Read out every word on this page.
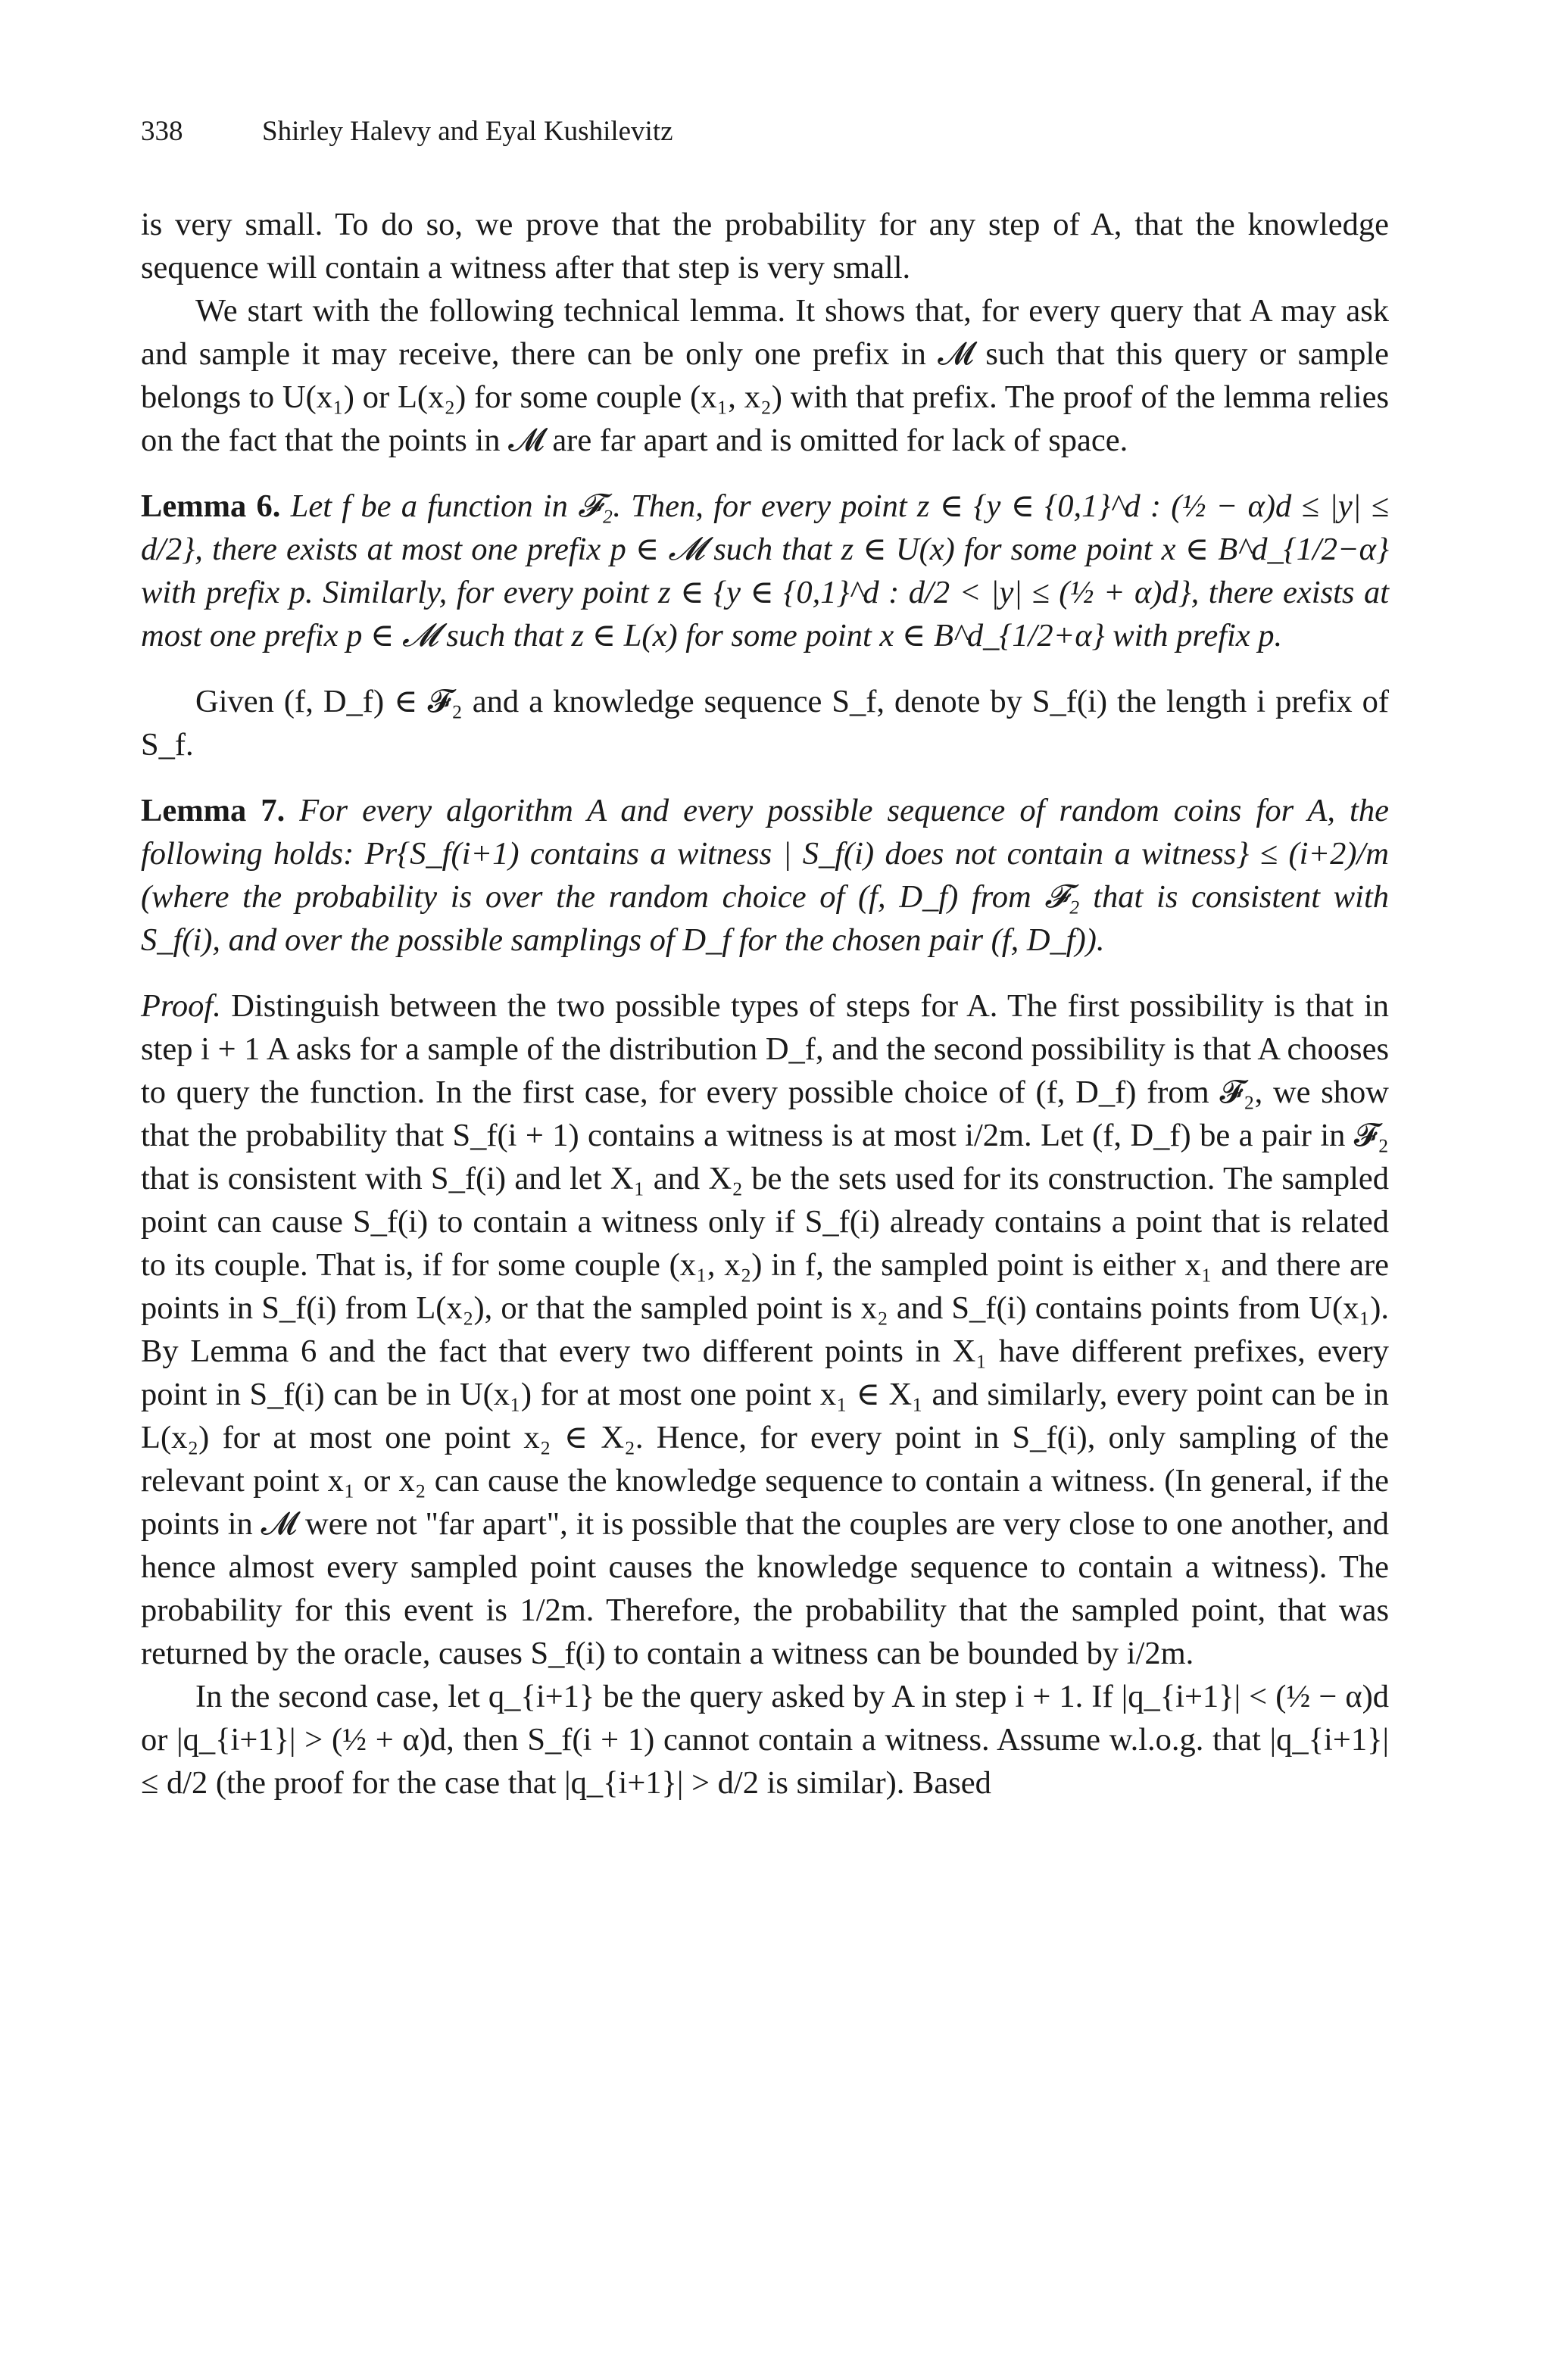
338	Shirley Halevy and Eyal Kushilevitz

is very small. To do so, we prove that the probability for any step of A, that the knowledge sequence will contain a witness after that step is very small.

We start with the following technical lemma. It shows that, for every query that A may ask and sample it may receive, there can be only one prefix in 𝓜 such that this query or sample belongs to U(x₁) or L(x₂) for some couple (x₁, x₂) with that prefix. The proof of the lemma relies on the fact that the points in 𝓜 are far apart and is omitted for lack of space.

Lemma 6. Let f be a function in 𝓕₂. Then, for every point z ∈ {y ∈ {0,1}^d : (½ − α)d ≤ |y| ≤ d/2}, there exists at most one prefix p ∈ 𝓜 such that z ∈ U(x) for some point x ∈ B^d_{1/2−α} with prefix p. Similarly, for every point z ∈ {y ∈ {0,1}^d : d/2 < |y| ≤ (½ + α)d}, there exists at most one prefix p ∈ 𝓜 such that z ∈ L(x) for some point x ∈ B^d_{1/2+α} with prefix p.

Given (f, D_f) ∈ 𝓕₂ and a knowledge sequence S_f, denote by S_f(i) the length i prefix of S_f.

Lemma 7. For every algorithm A and every possible sequence of random coins for A, the following holds: Pr{S_f(i+1) contains a witness | S_f(i) does not contain a witness} ≤ (i+2)/m (where the probability is over the random choice of (f, D_f) from 𝓕₂ that is consistent with S_f(i), and over the possible samplings of D_f for the chosen pair (f, D_f)).

Proof. Distinguish between the two possible types of steps for A. The first possibility is that in step i + 1 A asks for a sample of the distribution D_f, and the second possibility is that A chooses to query the function. In the first case, for every possible choice of (f, D_f) from 𝓕₂, we show that the probability that S_f(i + 1) contains a witness is at most i/2m. Let (f, D_f) be a pair in 𝓕₂ that is consistent with S_f(i) and let X₁ and X₂ be the sets used for its construction. The sampled point can cause S_f(i) to contain a witness only if S_f(i) already contains a point that is related to its couple. That is, if for some couple (x₁, x₂) in f, the sampled point is either x₁ and there are points in S_f(i) from L(x₂), or that the sampled point is x₂ and S_f(i) contains points from U(x₁). By Lemma 6 and the fact that every two different points in X₁ have different prefixes, every point in S_f(i) can be in U(x₁) for at most one point x₁ ∈ X₁ and similarly, every point can be in L(x₂) for at most one point x₂ ∈ X₂. Hence, for every point in S_f(i), only sampling of the relevant point x₁ or x₂ can cause the knowledge sequence to contain a witness. (In general, if the points in 𝓜 were not "far apart", it is possible that the couples are very close to one another, and hence almost every sampled point causes the knowledge sequence to contain a witness). The probability for this event is 1/2m. Therefore, the probability that the sampled point, that was returned by the oracle, causes S_f(i) to contain a witness can be bounded by i/2m.

In the second case, let q_{i+1} be the query asked by A in step i + 1. If |q_{i+1}| < (½ − α)d or |q_{i+1}| > (½ + α)d, then S_f(i + 1) cannot contain a witness. Assume w.l.o.g. that |q_{i+1}| ≤ d/2 (the proof for the case that |q_{i+1}| > d/2 is similar). Based
